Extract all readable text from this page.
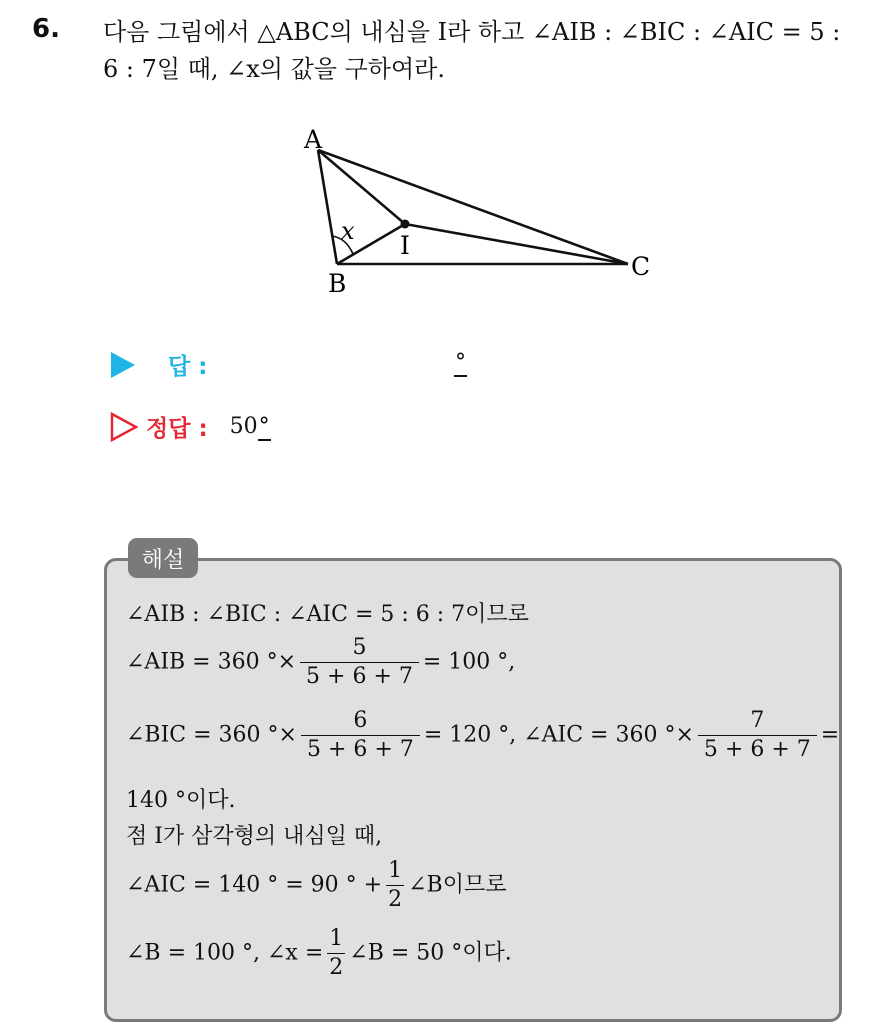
6. 다음 그림에서 △ABC의 내심을 I라 하고 ∠AIB : ∠BIC : ∠AIC = 5 :
6 : 7일 때, ∠x의 값을 구하여라.
A
B
C
I
x
답 :	°
정답 : 50°
해설
∠AIB : ∠BIC : ∠AIC = 5 : 6 : 7이므로
∠AIB = 360 °× $\frac{5}{5 + 6 + 7} = 100$ °,
∠BIC = 360 °× $\frac{6}{5 + 6 + 7} = 120$ °, ∠AIC = 360 °× $\frac{7}{5 + 6 + 7}$ =
140 °이다.
점 I가 삼각형의 내심일 때,
∠AIC = 140 ° = 90 ° + $\frac{1}{2}$ ∠B이므로
∠B = 100 °, ∠x = $\frac{1}{2}$ ∠B = 50 °이다.
